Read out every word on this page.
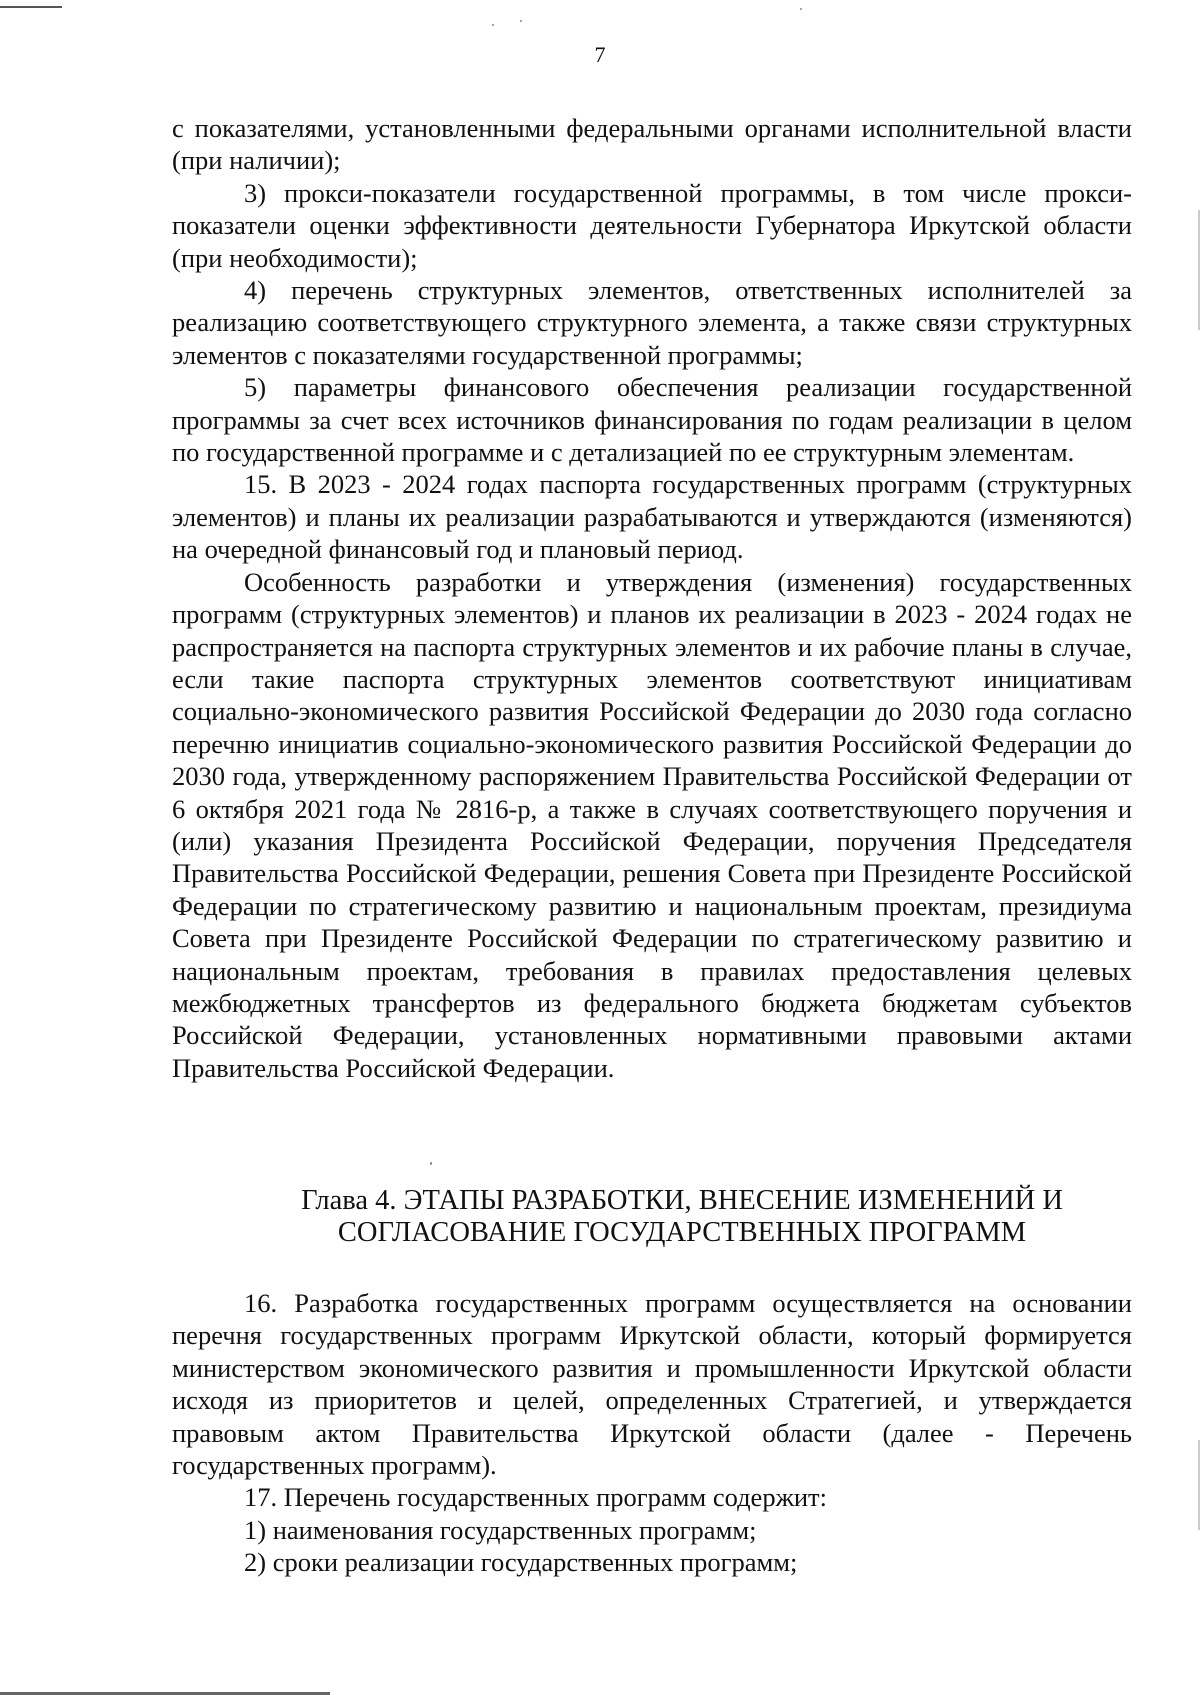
7

с показателями, установленными федеральными органами исполнительной власти (при наличии);

3) прокси-показатели государственной программы, в том числе прокси-показатели оценки эффективности деятельности Губернатора Иркутской области (при необходимости);

4) перечень структурных элементов, ответственных исполнителей за реализацию соответствующего структурного элемента, а также связи структурных элементов с показателями государственной программы;

5) параметры финансового обеспечения реализации государственной программы за счет всех источников финансирования по годам реализации в целом по государственной программе и с детализацией по ее структурным элементам.

15. В 2023 - 2024 годах паспорта государственных программ (структурных элементов) и планы их реализации разрабатываются и утверждаются (изменяются) на очередной финансовый год и плановый период.

Особенность разработки и утверждения (изменения) государственных программ (структурных элементов) и планов их реализации в 2023 - 2024 годах не распространяется на паспорта структурных элементов и их рабочие планы в случае, если такие паспорта структурных элементов соответствуют инициативам социально-экономического развития Российской Федерации до 2030 года согласно перечню инициатив социально-экономического развития Российской Федерации до 2030 года, утвержденному распоряжением Правительства Российской Федерации от 6 октября 2021 года № 2816-р, а также в случаях соответствующего поручения и (или) указания Президента Российской Федерации, поручения Председателя Правительства Российской Федерации, решения Совета при Президенте Российской Федерации по стратегическому развитию и национальным проектам, президиума Совета при Президенте Российской Федерации по стратегическому развитию и национальным проектам, требования в правилах предоставления целевых межбюджетных трансфертов из федерального бюджета бюджетам субъектов Российской Федерации, установленных нормативными правовыми актами Правительства Российской Федерации.

Глава 4. ЭТАПЫ РАЗРАБОТКИ, ВНЕСЕНИЕ ИЗМЕНЕНИЙ И
СОГЛАСОВАНИЕ ГОСУДАРСТВЕННЫХ ПРОГРАММ

16. Разработка государственных программ осуществляется на основании перечня государственных программ Иркутской области, который формируется министерством экономического развития и промышленности Иркутской области исходя из приоритетов и целей, определенных Стратегией, и утверждается правовым актом Правительства Иркутской области (далее - Перечень государственных программ).

17. Перечень государственных программ содержит:

1) наименования государственных программ;

2) сроки реализации государственных программ;
